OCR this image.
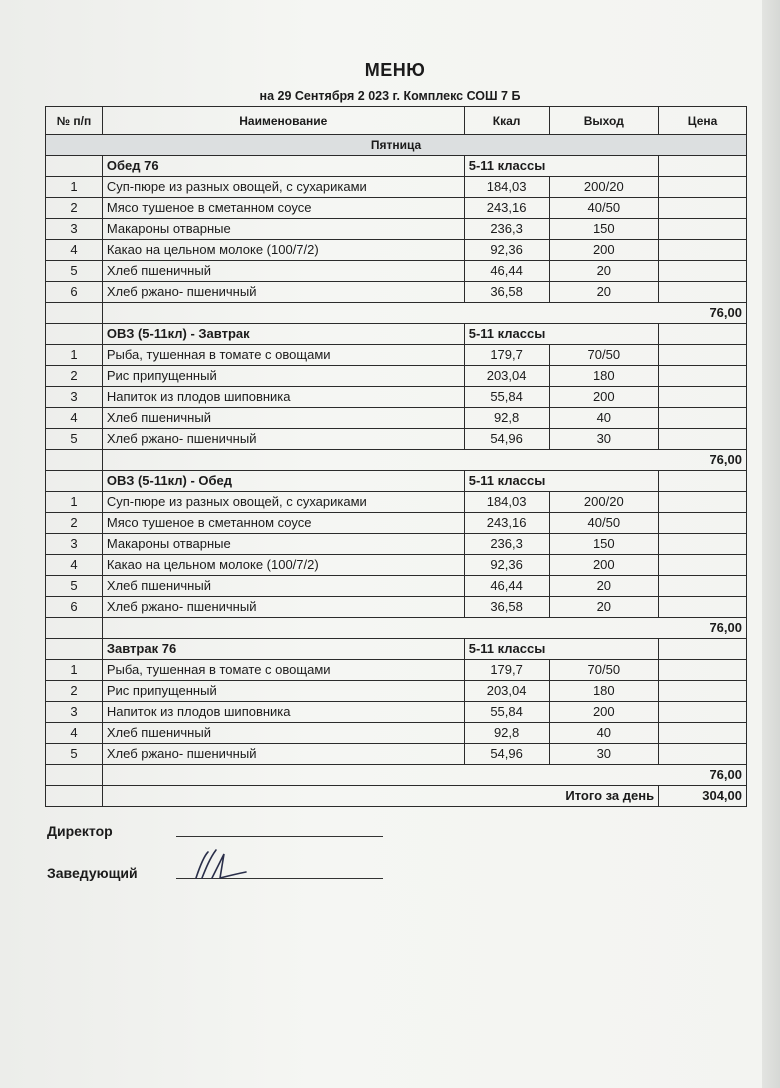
МЕНЮ
на 29 Сентября 2 023 г. Комплекс СОШ 7 Б
№ п/п	Наименование	Ккал	Выход	Цена
Пятница				
	Обед 76	5-11 классы		
1	Суп-пюре из разных овощей, с сухариками	184,03	200/20	
2	Мясо тушеное в сметанном соусе	243,16	40/50	
3	Макароны отварные	236,3	150	
4	Какао на цельном молоке (100/7/2)	92,36	200	
5	Хлеб пшеничный	46,44	20	
6	Хлеб ржано- пшеничный	36,58	20	
	76,00			
	ОВЗ (5-11кл) - Завтрак	5-11 классы		
1	Рыба, тушенная в томате с овощами	179,7	70/50	
2	Рис припущенный	203,04	180	
3	Напиток из плодов шиповника	55,84	200	
4	Хлеб пшеничный	92,8	40	
5	Хлеб ржано- пшеничный	54,96	30	
	76,00			
	ОВЗ (5-11кл) - Обед	5-11 классы		
1	Суп-пюре из разных овощей, с сухариками	184,03	200/20	
2	Мясо тушеное в сметанном соусе	243,16	40/50	
3	Макароны отварные	236,3	150	
4	Какао на цельном молоке (100/7/2)	92,36	200	
5	Хлеб пшеничный	46,44	20	
6	Хлеб ржано- пшеничный	36,58	20	
	76,00			
	Завтрак 76	5-11 классы		
1	Рыба, тушенная в томате с овощами	179,7	70/50	
2	Рис припущенный	203,04	180	
3	Напиток из плодов шиповника	55,84	200	
4	Хлеб пшеничный	92,8	40	
5	Хлеб ржано- пшеничный	54,96	30	
	76,00			
	Итого за день			304,00
Директор
Заведующий
